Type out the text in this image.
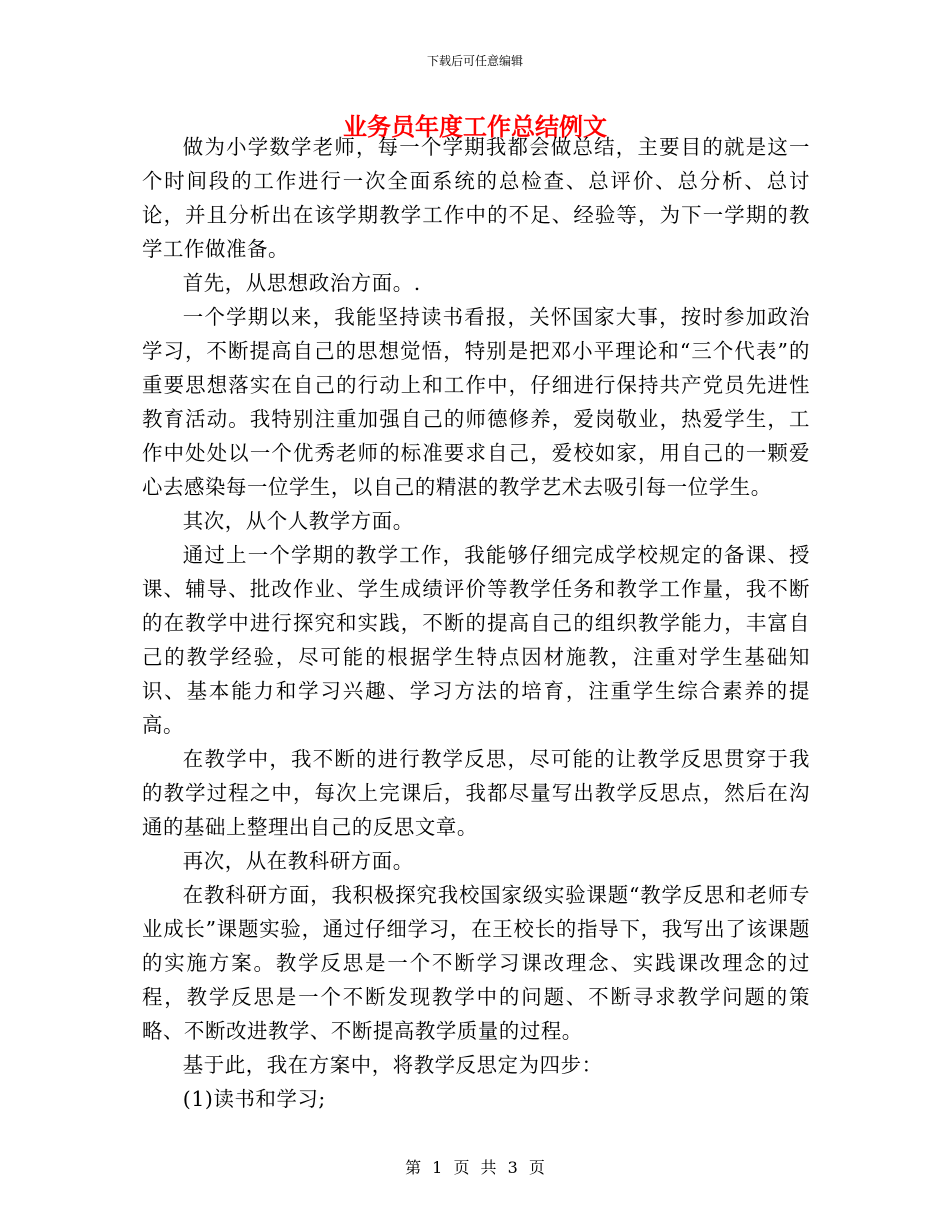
下载后可任意编辑
业务员年度工作总结例文

做为小学数学老师，每一个学期我都会做总结，主要目的就是这一个时间段的工作进行一次全面系统的总检查、总评价、总分析、总讨论，并且分析出在该学期教学工作中的不足、经验等，为下一学期的教学工作做准备。

首先，从思想政治方面。.

一个学期以来，我能坚持读书看报，关怀国家大事，按时参加政治学习，不断提高自己的思想觉悟，特别是把邓小平理论和“三个代表”的重要思想落实在自己的行动上和工作中，仔细进行保持共产党员先进性教育活动。我特别注重加强自己的师德修养，爱岗敬业，热爱学生，工作中处处以一个优秀老师的标准要求自己，爱校如家，用自己的一颗爱心去感染每一位学生，以自己的精湛的教学艺术去吸引每一位学生。

其次，从个人教学方面。

通过上一个学期的教学工作，我能够仔细完成学校规定的备课、授课、辅导、批改作业、学生成绩评价等教学任务和教学工作量，我不断的在教学中进行探究和实践，不断的提高自己的组织教学能力，丰富自己的教学经验，尽可能的根据学生特点因材施教，注重对学生基础知识、基本能力和学习兴趣、学习方法的培育，注重学生综合素养的提高。

在教学中，我不断的进行教学反思，尽可能的让教学反思贯穿于我的教学过程之中，每次上完课后，我都尽量写出教学反思点，然后在沟通的基础上整理出自己的反思文章。

再次，从在教科研方面。

在教科研方面，我积极探究我校国家级实验课题“教学反思和老师专业成长”课题实验，通过仔细学习，在王校长的指导下，我写出了该课题的实施方案。教学反思是一个不断学习课改理念、实践课改理念的过程，教学反思是一个不断发现教学中的问题、不断寻求教学问题的策略、不断改进教学、不断提高教学质量的过程。

基于此，我在方案中，将教学反思定为四步：

(1)读书和学习;

第 1 页 共 3 页
